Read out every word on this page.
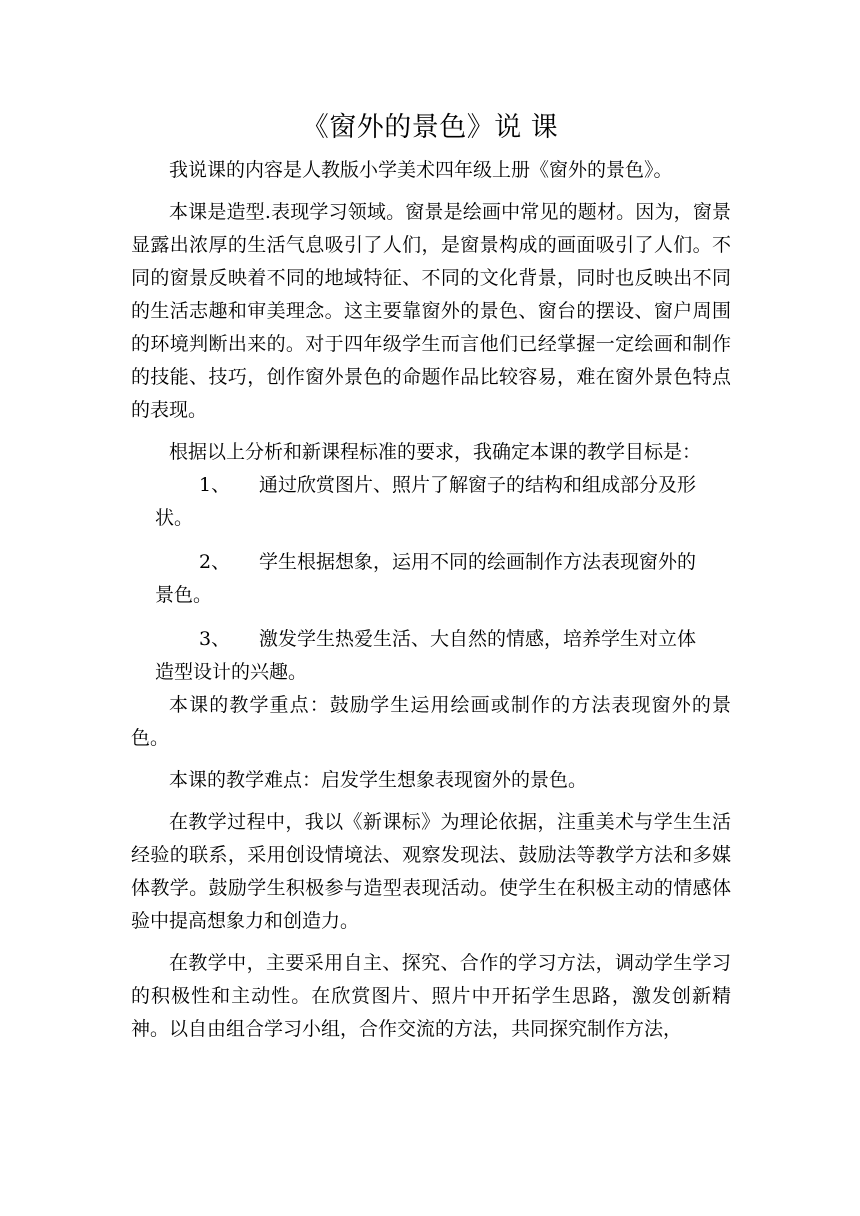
《窗外的景色》说 课

我说课的内容是人教版小学美术四年级上册《窗外的景色》。

本课是造型.表现学习领域。窗景是绘画中常见的题材。因为，窗景显露出浓厚的生活气息吸引了人们，是窗景构成的画面吸引了人们。不同的窗景反映着不同的地域特征、不同的文化背景，同时也反映出不同的生活志趣和审美理念。这主要靠窗外的景色、窗台的摆设、窗户周围的环境判断出来的。对于四年级学生而言他们已经掌握一定绘画和制作的技能、技巧，创作窗外景色的命题作品比较容易，难在窗外景色特点的表现。

根据以上分析和新课程标准的要求，我确定本课的教学目标是：

1、 通过欣赏图片、照片了解窗子的结构和组成部分及形
状。
2、 学生根据想象，运用不同的绘画制作方法表现窗外的
景色。
3、 激发学生热爱生活、大自然的情感，培养学生对立体
造型设计的兴趣。

本课的教学重点：鼓励学生运用绘画或制作的方法表现窗外的景色。

本课的教学难点：启发学生想象表现窗外的景色。

在教学过程中，我以《新课标》为理论依据，注重美术与学生生活经验的联系，采用创设情境法、观察发现法、鼓励法等教学方法和多媒体教学。鼓励学生积极参与造型表现活动。使学生在积极主动的情感体验中提高想象力和创造力。

在教学中，主要采用自主、探究、合作的学习方法，调动学生学习的积极性和主动性。在欣赏图片、照片中开拓学生思路，激发创新精神。以自由组合学习小组，合作交流的方法，共同探究制作方法，
